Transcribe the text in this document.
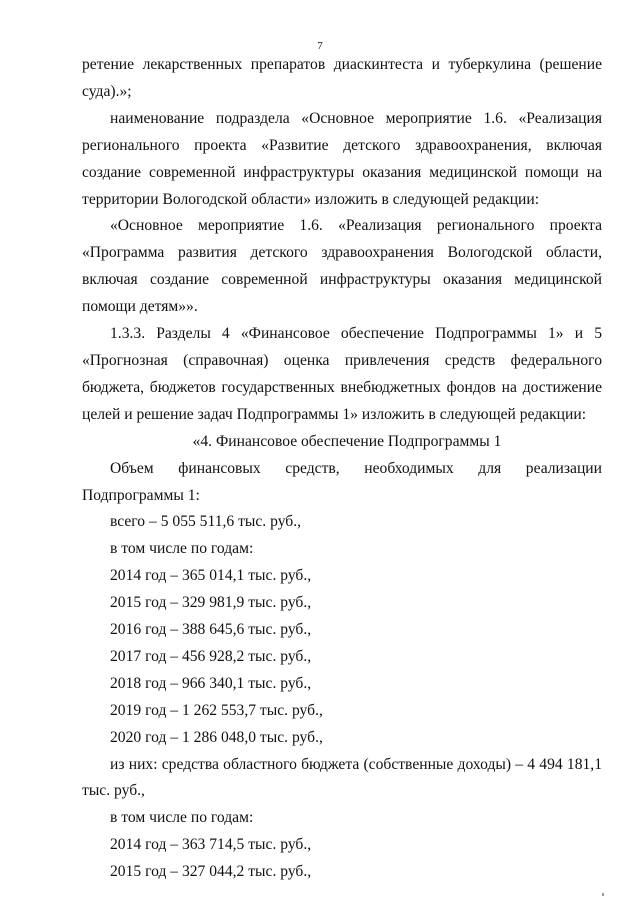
7

ретение лекарственных препаратов диаскинтеста и туберкулина (решение суда).»;

наименование подраздела «Основное мероприятие 1.6. «Реализация регионального проекта «Развитие детского здравоохранения, включая создание современной инфраструктуры оказания медицинской помощи на территории Вологодской области» изложить в следующей редакции:

«Основное мероприятие 1.6. «Реализация регионального проекта «Программа развития детского здравоохранения Вологодской области, включая создание современной инфраструктуры оказания медицинской помощи детям»».

1.3.3. Разделы 4 «Финансовое обеспечение Подпрограммы 1» и 5 «Прогнозная (справочная) оценка привлечения средств федерального бюджета, бюджетов государственных внебюджетных фондов на достижение целей и решение задач Подпрограммы 1» изложить в следующей редакции:

«4. Финансовое обеспечение Подпрограммы 1

Объем финансовых средств, необходимых для реализации Подпрограммы 1:

всего – 5 055 511,6 тыс. руб.,

в том числе по годам:

2014 год – 365 014,1 тыс. руб.,

2015 год – 329 981,9 тыс. руб.,

2016 год – 388 645,6 тыс. руб.,

2017 год – 456 928,2 тыс. руб.,

2018 год – 966 340,1 тыс. руб.,

2019 год – 1 262 553,7 тыс. руб.,

2020 год – 1 286 048,0 тыс. руб.,

из них: средства областного бюджета (собственные доходы) – 4 494 181,1 тыс. руб.,

в том числе по годам:

2014 год – 363 714,5 тыс. руб.,

2015 год – 327 044,2 тыс. руб.,
